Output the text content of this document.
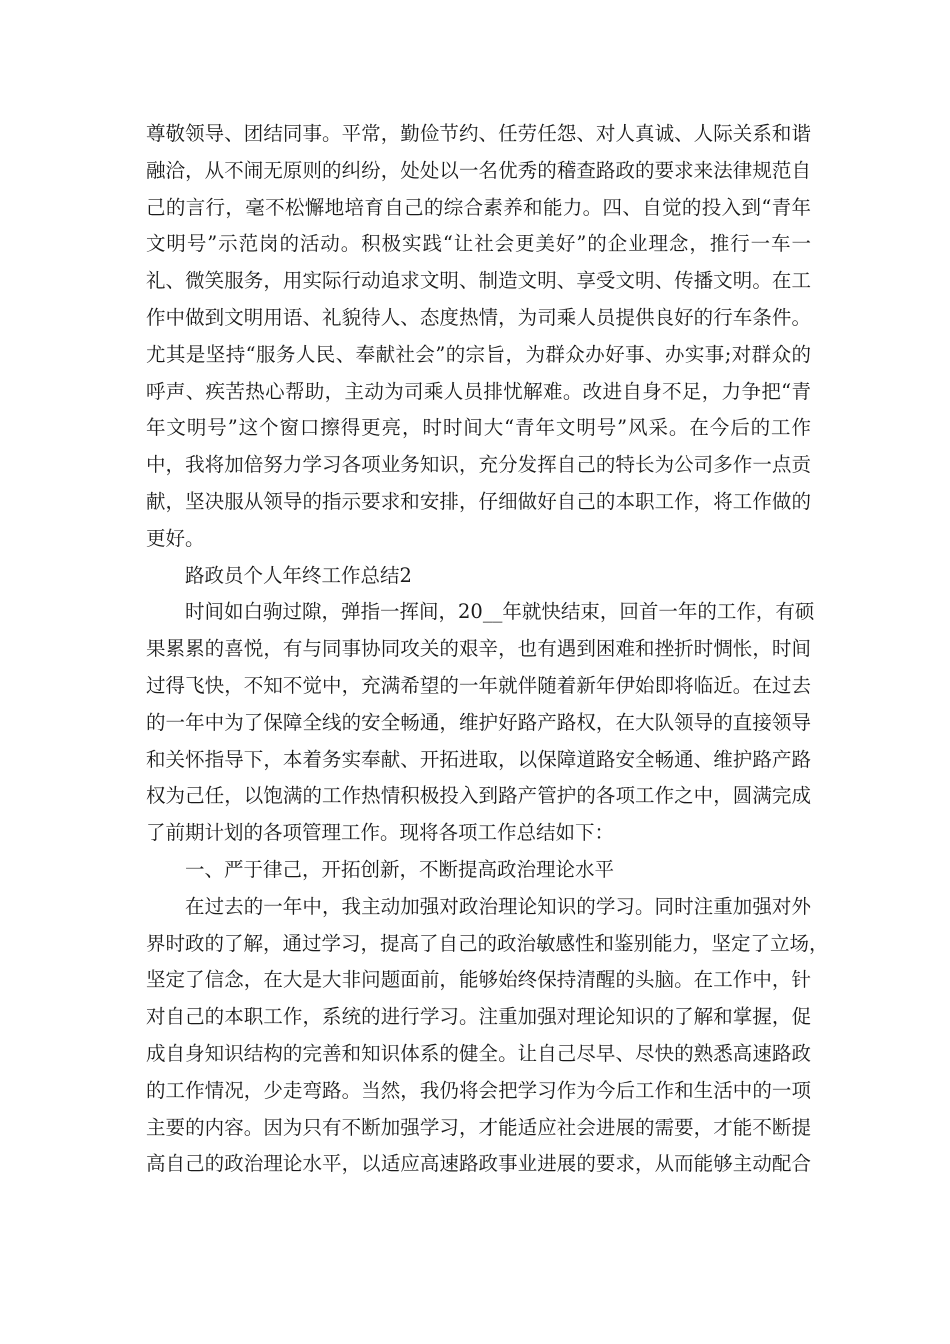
尊敬领导、团结同事。平常，勤俭节约、任劳任怨、对人真诚、人际关系和谐
融洽，从不闹无原则的纠纷，处处以一名优秀的稽查路政的要求来法律规范自
己的言行，毫不松懈地培育自己的综合素养和能力。四、自觉的投入到“青年
文明号”示范岗的活动。积极实践“让社会更美好”的企业理念，推行一车一
礼、微笑服务，用实际行动追求文明、制造文明、享受文明、传播文明。在工
作中做到文明用语、礼貌待人、态度热情，为司乘人员提供良好的行车条件。
尤其是坚持“服务人民、奉献社会”的宗旨，为群众办好事、办实事;对群众的
呼声、疾苦热心帮助，主动为司乘人员排忧解难。改进自身不足，力争把“青
年文明号”这个窗口擦得更亮，时时间大“青年文明号”风采。在今后的工作
中，我将加倍努力学习各项业务知识，充分发挥自己的特长为公司多作一点贡
献，坚决服从领导的指示要求和安排，仔细做好自己的本职工作，将工作做的
更好。
路政员个人年终工作总结2
时间如白驹过隙，弹指一挥间，20__年就快结束，回首一年的工作，有硕
果累累的喜悦，有与同事协同攻关的艰辛，也有遇到困难和挫折时惆怅，时间
过得飞快，不知不觉中，充满希望的一年就伴随着新年伊始即将临近。在过去
的一年中为了保障全线的安全畅通，维护好路产路权，在大队领导的直接领导
和关怀指导下，本着务实奉献、开拓进取，以保障道路安全畅通、维护路产路
权为己任，以饱满的工作热情积极投入到路产管护的各项工作之中，圆满完成
了前期计划的各项管理工作。现将各项工作总结如下：
一、严于律己，开拓创新，不断提高政治理论水平
在过去的一年中，我主动加强对政治理论知识的学习。同时注重加强对外
界时政的了解，通过学习，提高了自己的政治敏感性和鉴别能力，坚定了立场，
坚定了信念，在大是大非问题面前，能够始终保持清醒的头脑。在工作中，针
对自己的本职工作，系统的进行学习。注重加强对理论知识的了解和掌握，促
成自身知识结构的完善和知识体系的健全。让自己尽早、尽快的熟悉高速路政
的工作情况，少走弯路。当然，我仍将会把学习作为今后工作和生活中的一项
主要的内容。因为只有不断加强学习，才能适应社会进展的需要，才能不断提
高自己的政治理论水平，以适应高速路政事业进展的要求，从而能够主动配合
